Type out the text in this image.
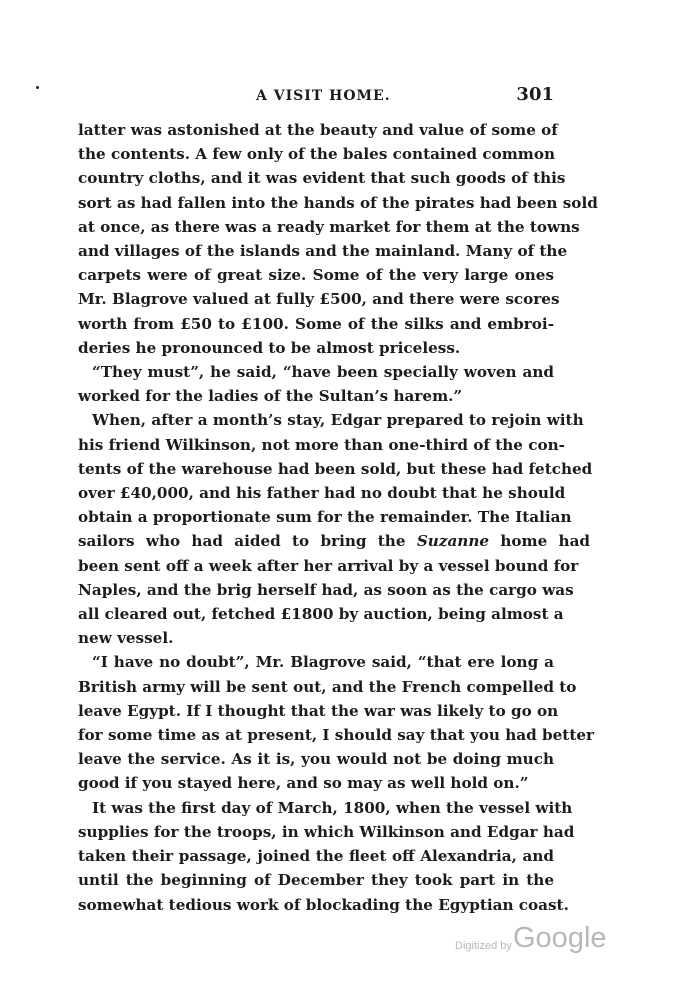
A VISIT HOME.	301
latter was astonished at the beauty and value of some of
the contents. A few only of the bales contained common
country cloths, and it was evident that such goods of this
sort as had fallen into the hands of the pirates had been sold
at once, as there was a ready market for them at the towns
and villages of the islands and the mainland. Many of the
carpets were of great size. Some of the very large ones
Mr. Blagrove valued at fully £500, and there were scores
worth from £50 to £100. Some of the silks and embroi-
deries he pronounced to be almost priceless.
“They must”, he said, “have been specially woven and
worked for the ladies of the Sultan’s harem.”
When, after a month’s stay, Edgar prepared to rejoin with
his friend Wilkinson, not more than one-third of the con-
tents of the warehouse had been sold, but these had fetched
over £40,000, and his father had no doubt that he should
obtain a proportionate sum for the remainder. The Italian
sailors who had aided to bring the Suzanne home had
been sent off a week after her arrival by a vessel bound for
Naples, and the brig herself had, as soon as the cargo was
all cleared out, fetched £1800 by auction, being almost a
new vessel.
“I have no doubt”, Mr. Blagrove said, “that ere long a
British army will be sent out, and the French compelled to
leave Egypt. If I thought that the war was likely to go on
for some time as at present, I should say that you had better
leave the service. As it is, you would not be doing much
good if you stayed here, and so may as well hold on.”
It was the first day of March, 1800, when the vessel with
supplies for the troops, in which Wilkinson and Edgar had
taken their passage, joined the fleet off Alexandria, and
until the beginning of December they took part in the
somewhat tedious work of blockading the Egyptian coast.
Digitized by Google
